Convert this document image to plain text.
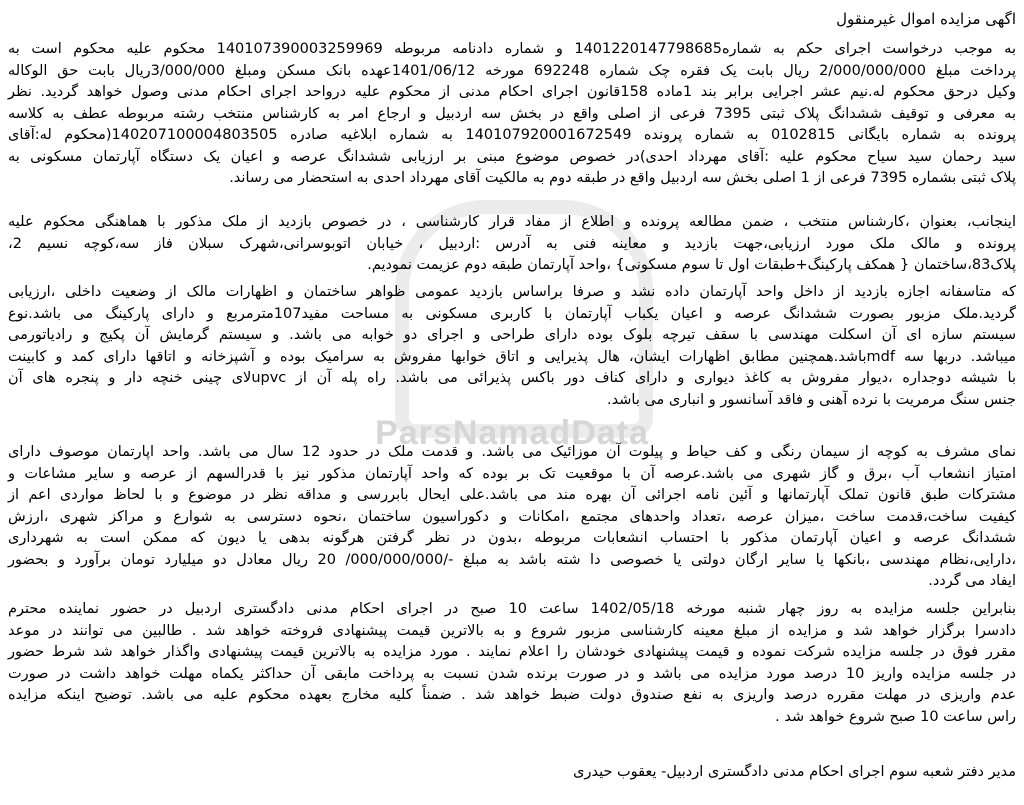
ParsNamadData
اگهی مزایده اموال غیرمنقول
به موجب درخواست اجرای حکم به شماره1401220147798685 و شماره دادنامه مربوطه 140107390003259969 محکوم علیه محکوم است به
پرداخت مبلغ 2/000/000/000 ریال بابت یک فقره چک شماره 692248 مورخه 1401/06/12عهده بانک مسکن ومبلغ 3/000/000ریال بابت حق الوکاله
وکیل درحق محکوم له.نیم عشر اجرایی برابر بند 1ماده 158قانون اجرای احکام مدنی از محکوم علیه درواحد اجرای احکام مدنی وصول خواهد گردید. نظر
به معرفی و توقیف ششدانگ پلاک ثبتی 7395 فرعی از اصلی واقع در بخش سه اردبیل و ارجاع امر به کارشناس منتخب رشته مربوطه عطف به کلاسه
پرونده به شماره بایگانی 0102815 به شماره پرونده 140107920001672549 به شماره ابلاغیه صادره 140207100004803505(محکوم له:آقای
سید رحمان سید سیاح محکوم علیه :آقای مهرداد احدی)در خصوص موضوع مبنی بر ارزیابی ششدانگ عرصه و اعیان یک دستگاه آپارتمان مسکونی به
پلاک ثبتی بشماره 7395 فرعی از 1 اصلی بخش سه اردبیل واقع در طبقه دوم به مالکیت آقای مهرداد احدی به استحضار می رساند.
اینجانب، بعنوان ،کارشناس منتخب ، ضمن مطالعه پرونده و اطلاع از مفاد قرار کارشناسی ، در خصوص بازدید از ملک مذکور با هماهنگی محکوم علیه
پرونده و مالک ملک مورد ارزیابی،جهت بازدید و معاینه فنی به آدرس :اردبیل ، خیابان اتوبوسرانی،شهرک سبلان فاز سه،کوچه نسیم 2،
پلاک83،ساختمان { همکف پارکینگ+طبقات اول تا سوم مسکونی} ،واحد آپارتمان طبقه دوم عزیمت نمودیم.
که متاسفانه اجازه بازدید از داخل واحد آپارتمان داده نشد و صرفا براساس بازدید عمومی ظواهر ساختمان و اظهارات مالک از وضعیت داخلی ،ارزیابی
گردید.ملک مزبور بصورت ششدانگ عرصه و اعیان یکباب آپارتمان با کاربری مسکونی به مساحت مفید107مترمربع و دارای پارکینگ می باشد.نوع
سیستم سازه ای آن اسکلت مهندسی با سقف تیرچه بلوک بوده دارای طراحی و اجرای دو خوابه می باشد. و سیستم گرمایش آن پکیج و رادیاتورمی
میباشد. دربها سه mdfباشد.همچنین مطابق اظهارات ایشان، هال پذیرایی و اتاق خوابها مفروش به سرامیک بوده و آشپزخانه و اتاقها دارای کمد و کابینت
با شیشه دوجداره ،دیوار مفروش به کاغذ دیواری و دارای کناف دور باکس پذیرائی می باشد. راه پله آن از upvcلای چینی خنچه دار و پنجره های آن
جنس سنگ مرمریت با نرده آهنی و فاقد آسانسور و انباری می باشد.
نمای مشرف به کوچه از سیمان رنگی و کف حیاط و پیلوت آن موزائیک می باشد. و قدمت ملک در حدود 12 سال می باشد. واحد اپارتمان موصوف دارای
امتیاز انشعاب آب ،برق و گاز شهری می باشد.عرصه آن با موقعیت تک بر بوده که واحد آپارتمان مذکور نیز با قدرالسهم از عرصه و سایر مشاعات و
مشترکات طبق قانون تملک آپارتمانها و آئین نامه اجرائی آن بهره مند می باشد.علی ایحال بابررسی و مداقه نظر در موضوع و با لحاظ مواردی اعم از
کیفیت ساخت،قدمت ساخت ،میزان عرصه ،تعداد واحدهای مجتمع ،امکانات و دکوراسیون ساختمان ،نحوه دسترسی به شوارع و مراکز شهری ،ارزش
ششدانگ عرصه و اعیان آپارتمان مذکور با احتساب انشعابات مربوطه ،بدون در نظر گرفتن هرگونه بدهی یا دیون که ممکن است به شهرداری
،دارایی،نظام مهندسی ،بانکها یا سایر ارگان دولتی یا خصوصی دا شته باشد به مبلغ -/000/000/000/ 20 ریال معادل دو میلیارد تومان برآورد و بحضور
ایفاد می گردد.
بنابراین جلسه مزایده به روز چهار شنبه مورخه 1402/05/18 ساعت 10 صبح در اجرای احکام مدنی دادگستری اردبیل در حضور نماینده محترم
دادسرا برگزار خواهد شد و مزایده از مبلغ معینه کارشناسی مزبور شروع و به بالاترین قیمت پیشنهادی فروخته خواهد شد . طالبین می توانند در موعد
مقرر فوق در جلسه مزایده شرکت نموده و قیمت پیشنهادی خودشان را اعلام نمایند . مورد مزایده به بالاترین قیمت پیشنهادی واگذار خواهد شد شرط حضور
در جلسه مزایده واریز 10 درصد مورد مزایده می باشد و در صورت برنده شدن نسبت به پرداخت مابقی آن حداکثر یکماه مهلت خواهد داشت در صورت
عدم واریزی در مهلت مقرره درصد واریزی به نفع صندوق دولت ضبط خواهد شد . ضمناً کلیه مخارج بعهده محکوم علیه می باشد. توضیح اینکه مزایده
راس ساعت 10 صبح شروع خواهد شد .
مدیر دفتر شعبه سوم اجرای احکام مدنی دادگستری اردبیل- یعقوب حیدری
